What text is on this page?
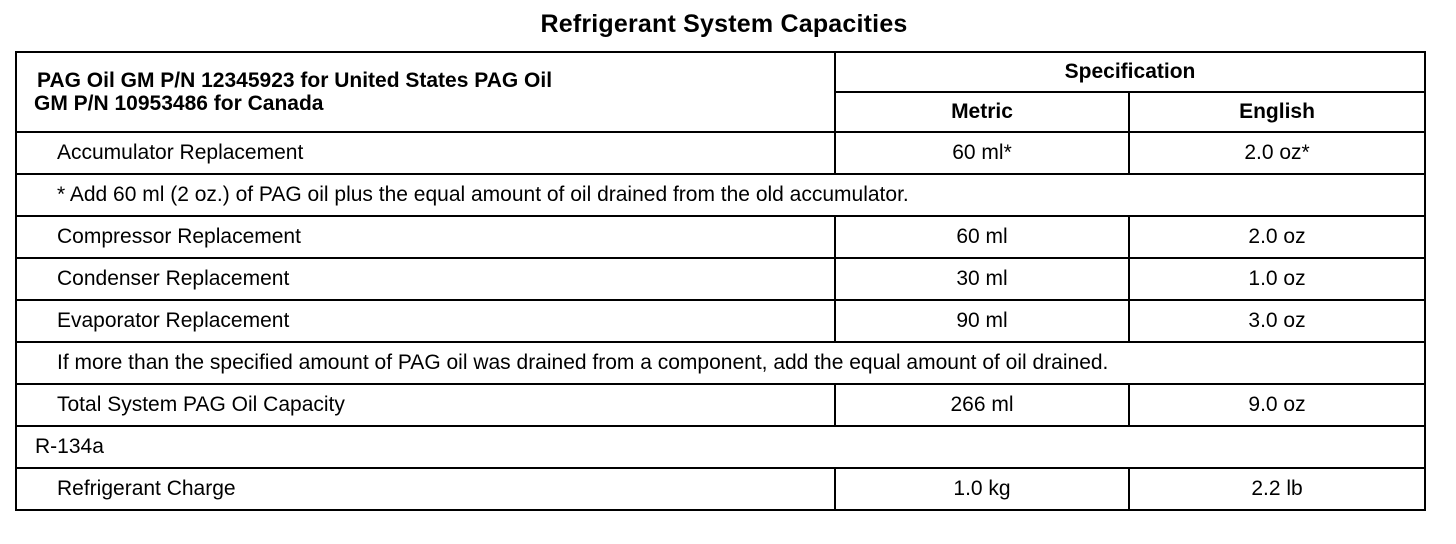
Refrigerant System Capacities
PAG Oil GM P/N 12345923 for United States PAG Oil
GM P/N 10953486 for Canada	Specification	
	Metric	English
Accumulator Replacement	60 ml*	2.0 oz*
* Add 60 ml (2 oz.) of PAG oil plus the equal amount of oil drained from the old accumulator.		
Compressor Replacement	60 ml	2.0 oz
Condenser Replacement	30 ml	1.0 oz
Evaporator Replacement	90 ml	3.0 oz
If more than the specified amount of PAG oil was drained from a component, add the equal amount of oil drained.		
Total System PAG Oil Capacity	266 ml	9.0 oz
R-134a		
Refrigerant Charge	1.0 kg	2.2 lb
